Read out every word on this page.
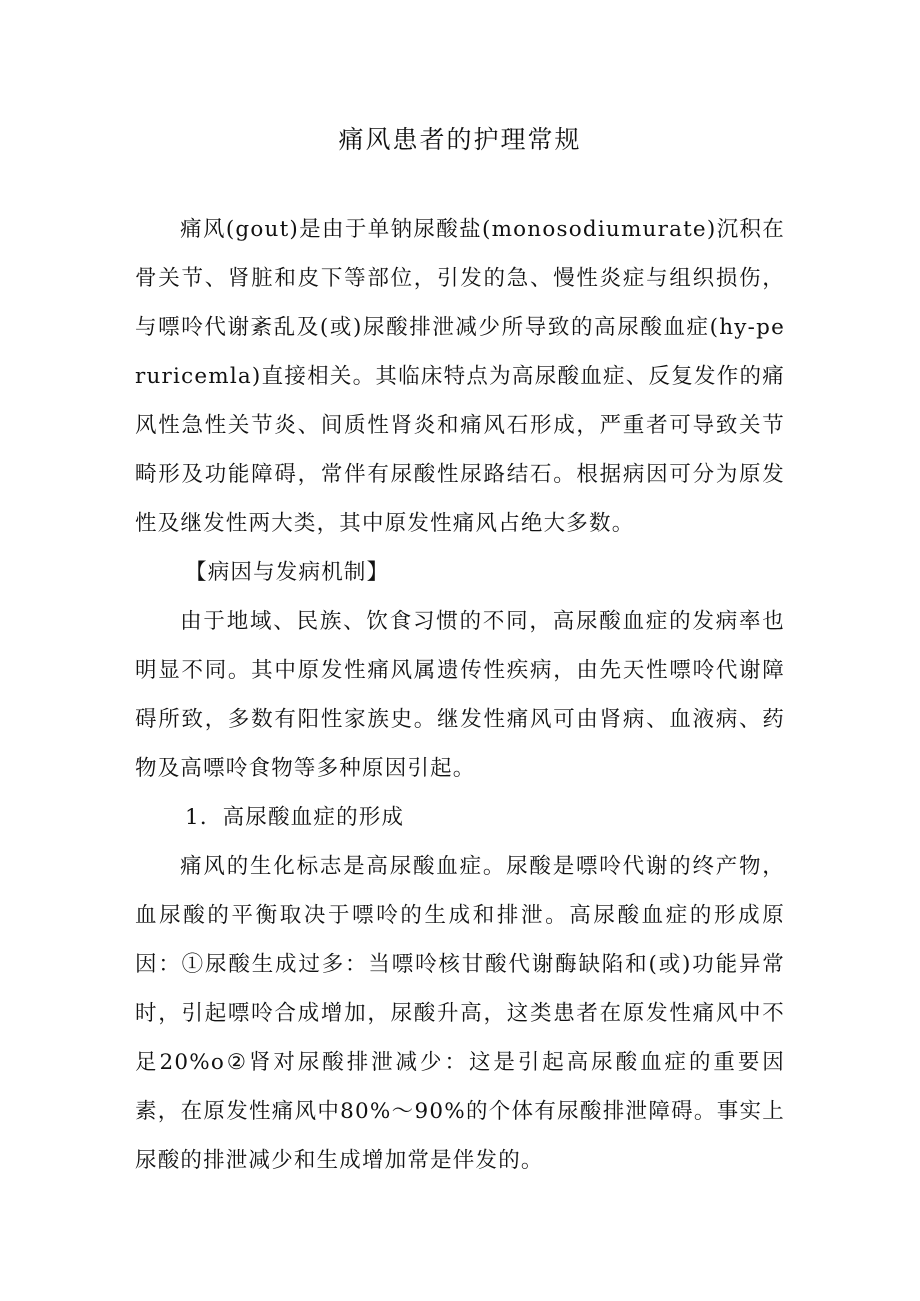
痛风患者的护理常规

痛风(gout)是由于单钠尿酸盐(monosodiumurate)沉积在骨关节、肾脏和皮下等部位，引发的急、慢性炎症与组织损伤，与嘌呤代谢紊乱及(或)尿酸排泄减少所导致的高尿酸血症(hy-peruricemla)直接相关。其临床特点为高尿酸血症、反复发作的痛风性急性关节炎、间质性肾炎和痛风石形成，严重者可导致关节畸形及功能障碍，常伴有尿酸性尿路结石。根据病因可分为原发性及继发性两大类，其中原发性痛风占绝大多数。

【病因与发病机制】

由于地域、民族、饮食习惯的不同，高尿酸血症的发病率也明显不同。其中原发性痛风属遗传性疾病，由先天性嘌呤代谢障碍所致，多数有阳性家族史。继发性痛风可由肾病、血液病、药物及高嘌呤食物等多种原因引起。

1．高尿酸血症的形成

痛风的生化标志是高尿酸血症。尿酸是嘌呤代谢的终产物，血尿酸的平衡取决于嘌呤的生成和排泄。高尿酸血症的形成原因：①尿酸生成过多：当嘌呤核甘酸代谢酶缺陷和(或)功能异常时，引起嘌呤合成增加，尿酸升高，这类患者在原发性痛风中不足20%o②肾对尿酸排泄减少：这是引起高尿酸血症的重要因素，在原发性痛风中80%～90%的个体有尿酸排泄障碍。事实上尿酸的排泄减少和生成增加常是伴发的。
